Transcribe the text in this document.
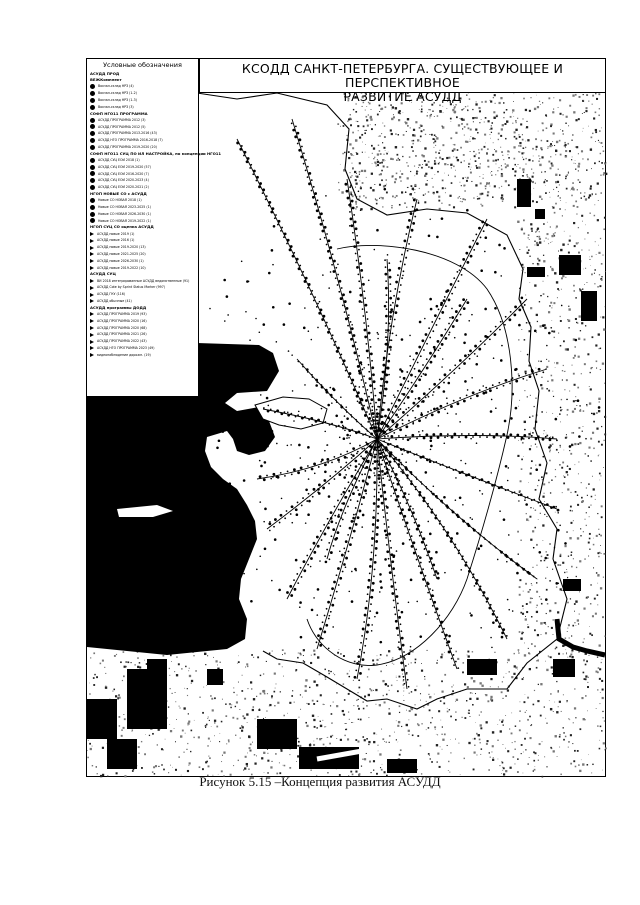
КСОДД САНКТ-ПЕТЕРБУРГА. СУЩЕСТВУЮЩЕЕ И ПЕРСПЕКТИВНОЕ
РАЗВИТИЕ АСУДД
Условные обозначения
АСУДД ПРОД
ВЕЖКомплект
Вокзал-склад НРЗ (4)
Вокзал-склад НРЗ (1-2)
Вокзал-склад НРЗ (1-3)
Вокзал-склад НРЗ (3)
СОФП НГО11 ПРОГРАММА
АСУДД ПРОГРАММА 2012 (3)
АСУДД ПРОГРАММА 2012 (5)
АСУДД ПРОГРАММА 2013-2016 (43)
АСУДД НГО ПРОГРАММА 2016-2018 (7)
АСУДД ПРОГРАММА 2019-2020 (20)
СОФП НГО11 СУЦ ПО ИЛ НАСТРОЙКА, по концепции НГО11
АСУДД СУЦ ЕОИ 2018 (1)
АСУДД СУЦ ЕОИ 2019-2020 (57)
АСУДД СУЦ ЕОИ 2016-2020 (7)
АСУДД СУЦ ЕОИ 2020-2023 (4)
АСУДД СУЦ ЕОИ 2020-2021 (2)
НГОП НОВЫЕ СО с АСУДД
Новые СО НОВАЯ 2018 (1)
Новые СО НОВАЯ 2023-2025 (1)
Новые СО НОВАЯ 2026-2030 (1)
Новые СО НОВАЯ 2019-2022 (1)
НГОП СУЦ СО оценка АСУДД
АСУДД новые 2019 (1)
АСУДД новые 2016 (1)
АСУДД новые 2019-2020 (13)
АСУДД новые 2021-2025 (20)
АСУДД новые 2026-2030 (1)
АСУДД новые 2019-2022 (10)
АСУДД СУЦ
ВИ 2018 интегрированные АСУДД ведомственные (91)
АСУДД Cote by Sprint Status Marker (997)
АСУДД ГКУ (116)
АСУДД обычные (41)
АСУДД программы ДОДД
АСУДД ПРОГРАММА 2019 (93)
АСУДД ПРОГРАММА 2020 (16)
АСУДД ПРОГРАММА 2020 (68)
АСУДД ПРОГРАММА 2021 (26)
АСУДД ПРОГРАММА 2022 (43)
АСУДД НГО ПРОГРАММА 2023 (49)
видеонаблюдение дорожн. (19)
Рисунок 5.15 –Концепция развития АСУДД
